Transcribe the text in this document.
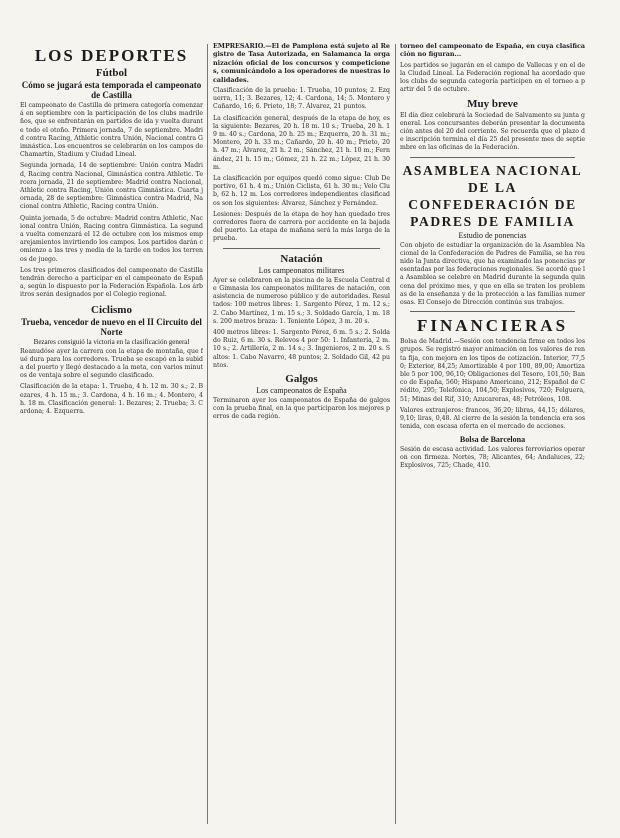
LOS DEPORTES
Fútbol
Cómo se jugará esta temporada el campeonato de Castilla
El campeonato de Castilla de primera categoría comenzará en septiembre con la participación de los clubs madrileños, que se enfrentarán en partidos de ida y vuelta durante todo el otoño. Primera jornada, 7 de septiembre. Madrid contra Racing, Athletic contra Unión, Nacional contra Gimnástica. Los encuentros se celebrarán en los campos de Chamartín, Stadium y Ciudad Lineal.
Segunda jornada, 14 de septiembre: Unión contra Madrid, Racing contra Nacional, Gimnástica contra Athletic. Tercera jornada, 21 de septiembre: Madrid contra Nacional, Athletic contra Racing, Unión contra Gimnástica. Cuarta jornada, 28 de septiembre: Gimnástica contra Madrid, Nacional contra Athletic, Racing contra Unión.
Quinta jornada, 5 de octubre: Madrid contra Athletic, Nacional contra Unión, Racing contra Gimnástica. La segunda vuelta comenzará el 12 de octubre con los mismos emparejamientos invirtiendo los campos. Los partidos darán comienzo a las tres y media de la tarde en todos los terrenos de juego.
Los tres primeros clasificados del campeonato de Castilla tendrán derecho a participar en el campeonato de España, según lo dispuesto por la Federación Española. Los árbitros serán designados por el Colegio regional.
Ciclismo
Trueba, vencedor de nuevo en el II Circuito del Norte
Bezares consiguió la victoria en la clasificación general
Reanudóse ayer la carrera con la etapa de montaña, que fué dura para los corredores. Trueba se escapó en la subida del puerto y llegó destacado a la meta, con varios minutos de ventaja sobre el segundo clasificado.
Clasificación de la etapa: 1. Trueba, 4 h. 12 m. 30 s.; 2. Bezares, 4 h. 15 m.; 3. Cardona, 4 h. 16 m.; 4. Montero, 4 h. 18 m. Clasificación general: 1. Bezares; 2. Trueba; 3. Cardona; 4. Ezquerra.
EMPRESARIO.—El de Pamplona está sujeto al Registro de Tasa Autorizada, en Salamanca la organización oficial de los concursos y competiciones, comunicándolo a los operadores de nuestras localidades.
Clasificación de la prueba: 1. Trueba, 10 puntos; 2. Ezquerra, 11; 3. Bezares, 12; 4. Cardona, 14; 5. Montero y Cañardo, 16; 6. Prieto, 18; 7. Álvarez, 21 puntos.
La clasificación general, después de la etapa de hoy, es la siguiente: Bezares, 20 h. 18 m. 10 s.; Trueba, 20 h. 19 m. 40 s.; Cardona, 20 h. 25 m.; Ezquerra, 20 h. 31 m.; Montero, 20 h. 33 m.; Cañardo, 20 h. 40 m.; Prieto, 20 h. 47 m.; Álvarez, 21 h. 2 m.; Sánchez, 21 h. 10 m.; Fernández, 21 h. 15 m.; Gómez, 21 h. 22 m.; López, 21 h. 30 m.
La clasificación por equipos quedó como sigue: Club Deportivo, 61 h. 4 m.; Unión Ciclista, 61 h. 30 m.; Velo Club, 62 h. 12 m. Los corredores independientes clasificados son los siguientes: Álvarez, Sánchez y Fernández.
Lesiones: Después de la etapa de hoy han quedado tres corredores fuera de carrera por accidente en la bajada del puerto. La etapa de mañana será la más larga de la prueba.
Natación
Los campeonatos militares
Ayer se celebraron en la piscina de la Escuela Central de Gimnasia los campeonatos militares de natación, con asistencia de numeroso público y de autoridades. Resultados: 100 metros libres: 1. Sargento Pérez, 1 m. 12 s.; 2. Cabo Martínez, 1 m. 15 s.; 3. Soldado García, 1 m. 18 s. 200 metros braza: 1. Teniente López, 3 m. 20 s.
400 metros libres: 1. Sargento Pérez, 6 m. 5 s.; 2. Soldado Ruiz, 6 m. 30 s. Relevos 4 por 50: 1. Infantería, 2 m. 10 s.; 2. Artillería, 2 m. 14 s.; 3. Ingenieros, 2 m. 20 s. Saltos: 1. Cabo Navarro, 48 puntos; 2. Soldado Gil, 42 puntos.
Galgos
Los campeonatos de España
Terminaron ayer los campeonatos de España de galgos con la prueba final, en la que participaron los mejores perros de cada región.
torneo del campeonato de España, en cuya clasificación no figuran...
Los partidos se jugarán en el campo de Vallecas y en el de la Ciudad Lineal. La Federación regional ha acordado que los clubs de segunda categoría participen en el torneo a partir del 5 de octubre.
Muy breve
El día diez celebrará la Sociedad de Salvamento su junta general. Los concursantes deberán presentar la documentación antes del 20 del corriente. Se recuerda que el plazo de inscripción termina el día 25 del presente mes de septiembre en las oficinas de la Federación.
ASAMBLEA NACIONAL DE LA CONFEDERACIÓN DE PADRES DE FAMILIA
Estudio de ponencias
Con objeto de estudiar la organización de la Asamblea Nacional de la Confederación de Padres de Familia, se ha reunido la Junta directiva, que ha examinado las ponencias presentadas por las federaciones regionales. Se acordó que la Asamblea se celebre en Madrid durante la segunda quincena del próximo mes, y que en ella se traten los problemas de la enseñanza y de la protección a las familias numerosas. El Consejo de Dirección continúa sus trabajos.
FINANCIERAS
Bolsa de Madrid.—Sesión con tendencia firme en todos los grupos. Se registró mayor animación en los valores de renta fija, con mejora en los tipos de cotización. Interior, 77,50; Exterior, 84,25; Amortizable 4 por 100, 89,00; Amortizable 5 por 100, 96,10; Obligaciones del Tesoro, 101,50; Banco de España, 560; Hispano Americano, 212; Español de Crédito, 295; Telefónica, 104,50; Explosivos, 720; Felguera, 51; Minas del Rif, 310; Azucareras, 48; Petróleos, 108.
Valores extranjeros: francos, 36,20; libras, 44,15; dólares, 9,10; liras, 0,48. Al cierre de la sesión la tendencia era sostenida, con escasa oferta en el mercado de acciones.
Bolsa de Barcelona
Sesión de escasa actividad. Los valores ferroviarios operaron con firmeza. Nortes, 78; Alicantes, 64; Andaluces, 22; Explosivos, 725; Chade, 410.
